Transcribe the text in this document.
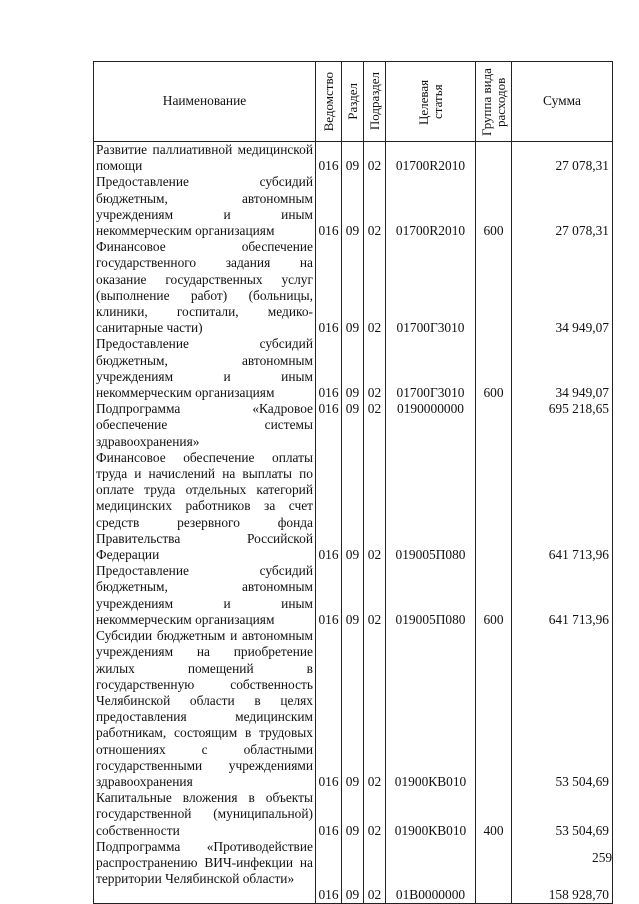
Наименование	Ведомство	Раздел	Подраздел	Целевая статья	Группа вида расходов	Сумма
Развитие паллиативной медицинской помощи	016	09	02	01700R2010		27 078,31
Предоставление субсидий бюджетным, автономным учреждениям и иным некоммерческим организациям	016	09	02	01700R2010	600	27 078,31
Финансовое обеспечение государственного задания на оказание государственных услуг (выполнение работ) (больницы, клиники, госпитали, медико-санитарные части)	016	09	02	01700Г3010		34 949,07
Предоставление субсидий бюджетным, автономным учреждениям и иным некоммерческим организациям	016	09	02	01700Г3010	600	34 949,07
Подпрограмма «Кадровое обеспечение системы здравоохранения»	016	09	02	0190000000		695 218,65
Финансовое обеспечение оплаты труда и начислений на выплаты по оплате труда отдельных категорий медицинских работников за счет средств резервного фонда Правительства Российской Федерации	016	09	02	019005П080		641 713,96
Предоставление субсидий бюджетным, автономным учреждениям и иным некоммерческим организациям	016	09	02	019005П080	600	641 713,96
Субсидии бюджетным и автономным учреждениям на приобретение жилых помещений в государственную собственность Челябинской области в целях предоставления медицинским работникам, состоящим в трудовых отношениях с областными государственными учреждениями здравоохранения	016	09	02	01900КВ010		53 504,69
Капитальные вложения в объекты государственной (муниципальной) собственности	016	09	02	01900КВ010	400	53 504,69
Подпрограмма «Противодействие распространению ВИЧ-инфекции на территории Челябинской области»	016	09	02	01В0000000		158 928,70
259
